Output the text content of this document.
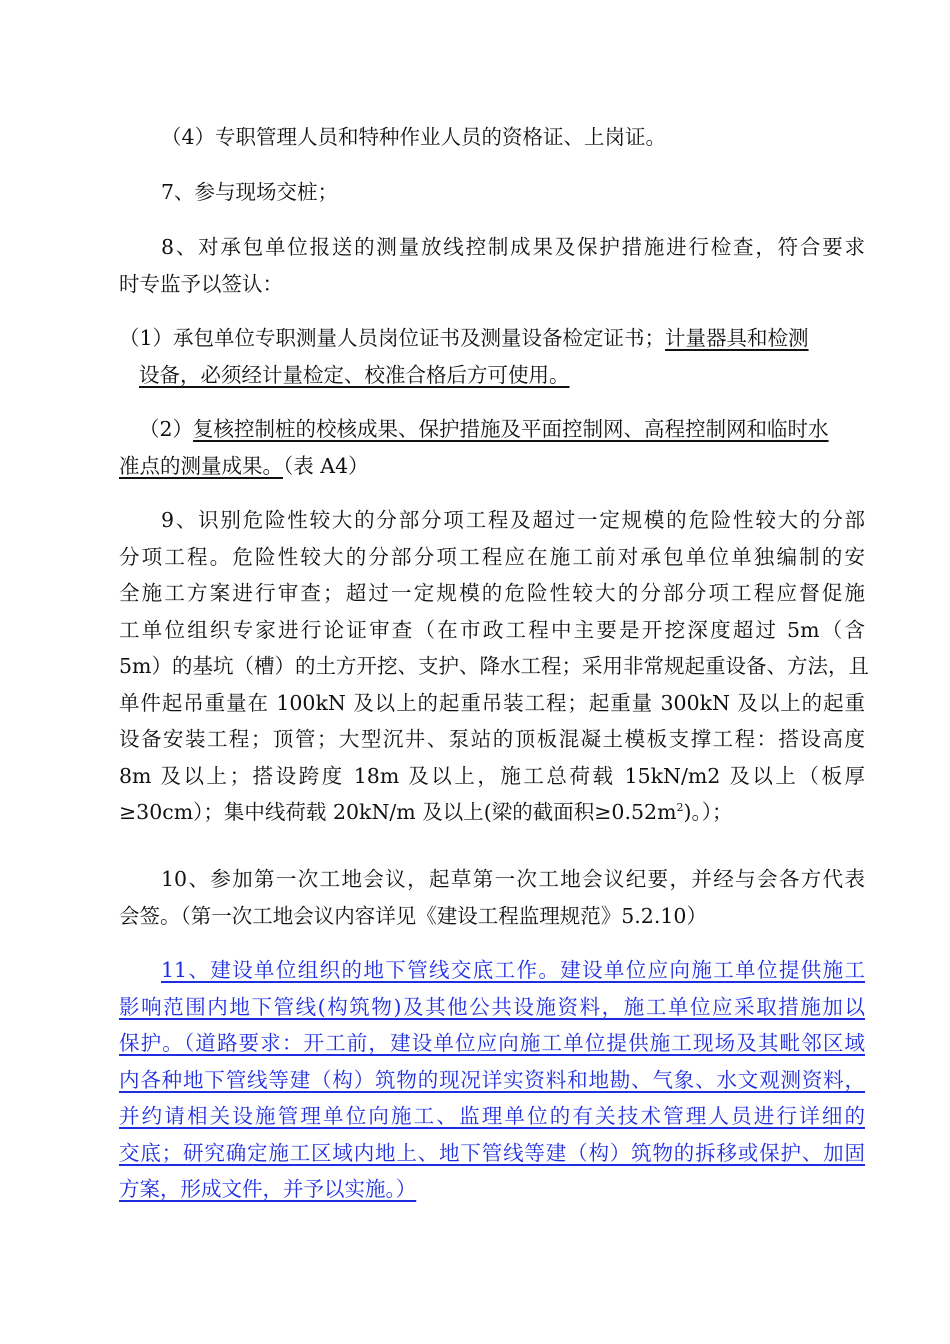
（4）专职管理人员和特种作业人员的资格证、上岗证。

7、参与现场交桩；

8、对承包单位报送的测量放线控制成果及保护措施进行检查，符合要求
时专监予以签认：

（1）承包单位专职测量人员岗位证书及测量设备检定证书；计量器具和检测
设备，必须经计量检定、校准合格后方可使用。

（2）复核控制桩的校核成果、保护措施及平面控制网、高程控制网和临时水
准点的测量成果。（表 A4）

9、识别危险性较大的分部分项工程及超过一定规模的危险性较大的分部
分项工程。危险性较大的分部分项工程应在施工前对承包单位单独编制的安
全施工方案进行审查；超过一定规模的危险性较大的分部分项工程应督促施
工单位组织专家进行论证审查（在市政工程中主要是开挖深度超过 5m（含
5m）的基坑（槽）的土方开挖、支护、降水工程；采用非常规起重设备、方法，且
单件起吊重量在 100kN 及以上的起重吊装工程；起重量 300kN 及以上的起重
设备安装工程；顶管；大型沉井、泵站的顶板混凝土模板支撑工程：搭设高度
8m 及以上；搭设跨度 18m 及以上，施工总荷载 15kN/m2 及以上（板厚
≥30cm）；集中线荷载 20kN/m 及以上(梁的截面积$\ge 0.52m^2$)。）；

10、参加第一次工地会议，起草第一次工地会议纪要，并经与会各方代表
会签。（第一次工地会议内容详见《建设工程监理规范》5.2.10）

11、建设单位组织的地下管线交底工作。建设单位应向施工单位提供施工
影响范围内地下管线(构筑物)及其他公共设施资料，施工单位应采取措施加以
保护。（道路要求：开工前，建设单位应向施工单位提供施工现场及其毗邻区域
内各种地下管线等建（构）筑物的现况详实资料和地勘、气象、水文观测资料，
并约请相关设施管理单位向施工、监理单位的有关技术管理人员进行详细的
交底；研究确定施工区域内地上、地下管线等建（构）筑物的拆移或保护、加固
方案，形成文件，并予以实施。）
